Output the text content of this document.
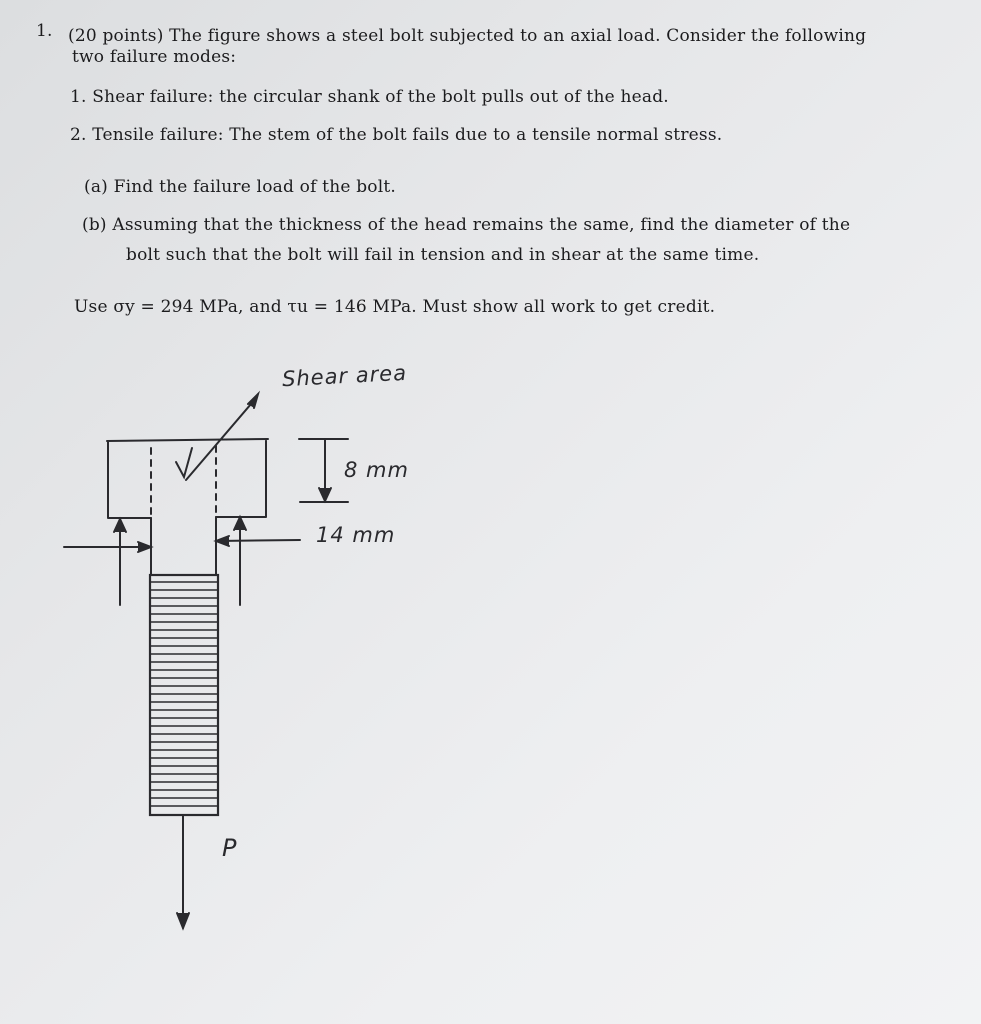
1. (20 points) The figure shows a steel bolt subjected to an axial load. Consider the following
two failure modes:
1. Shear failure: the circular shank of the bolt pulls out of the head.
2. Tensile failure: The stem of the bolt fails due to a tensile normal stress.
(a) Find the failure load of the bolt.
(b) Assuming that the thickness of the head remains the same, find the diameter of the
bolt such that the bolt will fail in tension and in shear at the same time.
Use σy = 294 MPa, and τu = 146 MPa. Must show all work to get credit.
Shear area
8 mm
14 mm
P
